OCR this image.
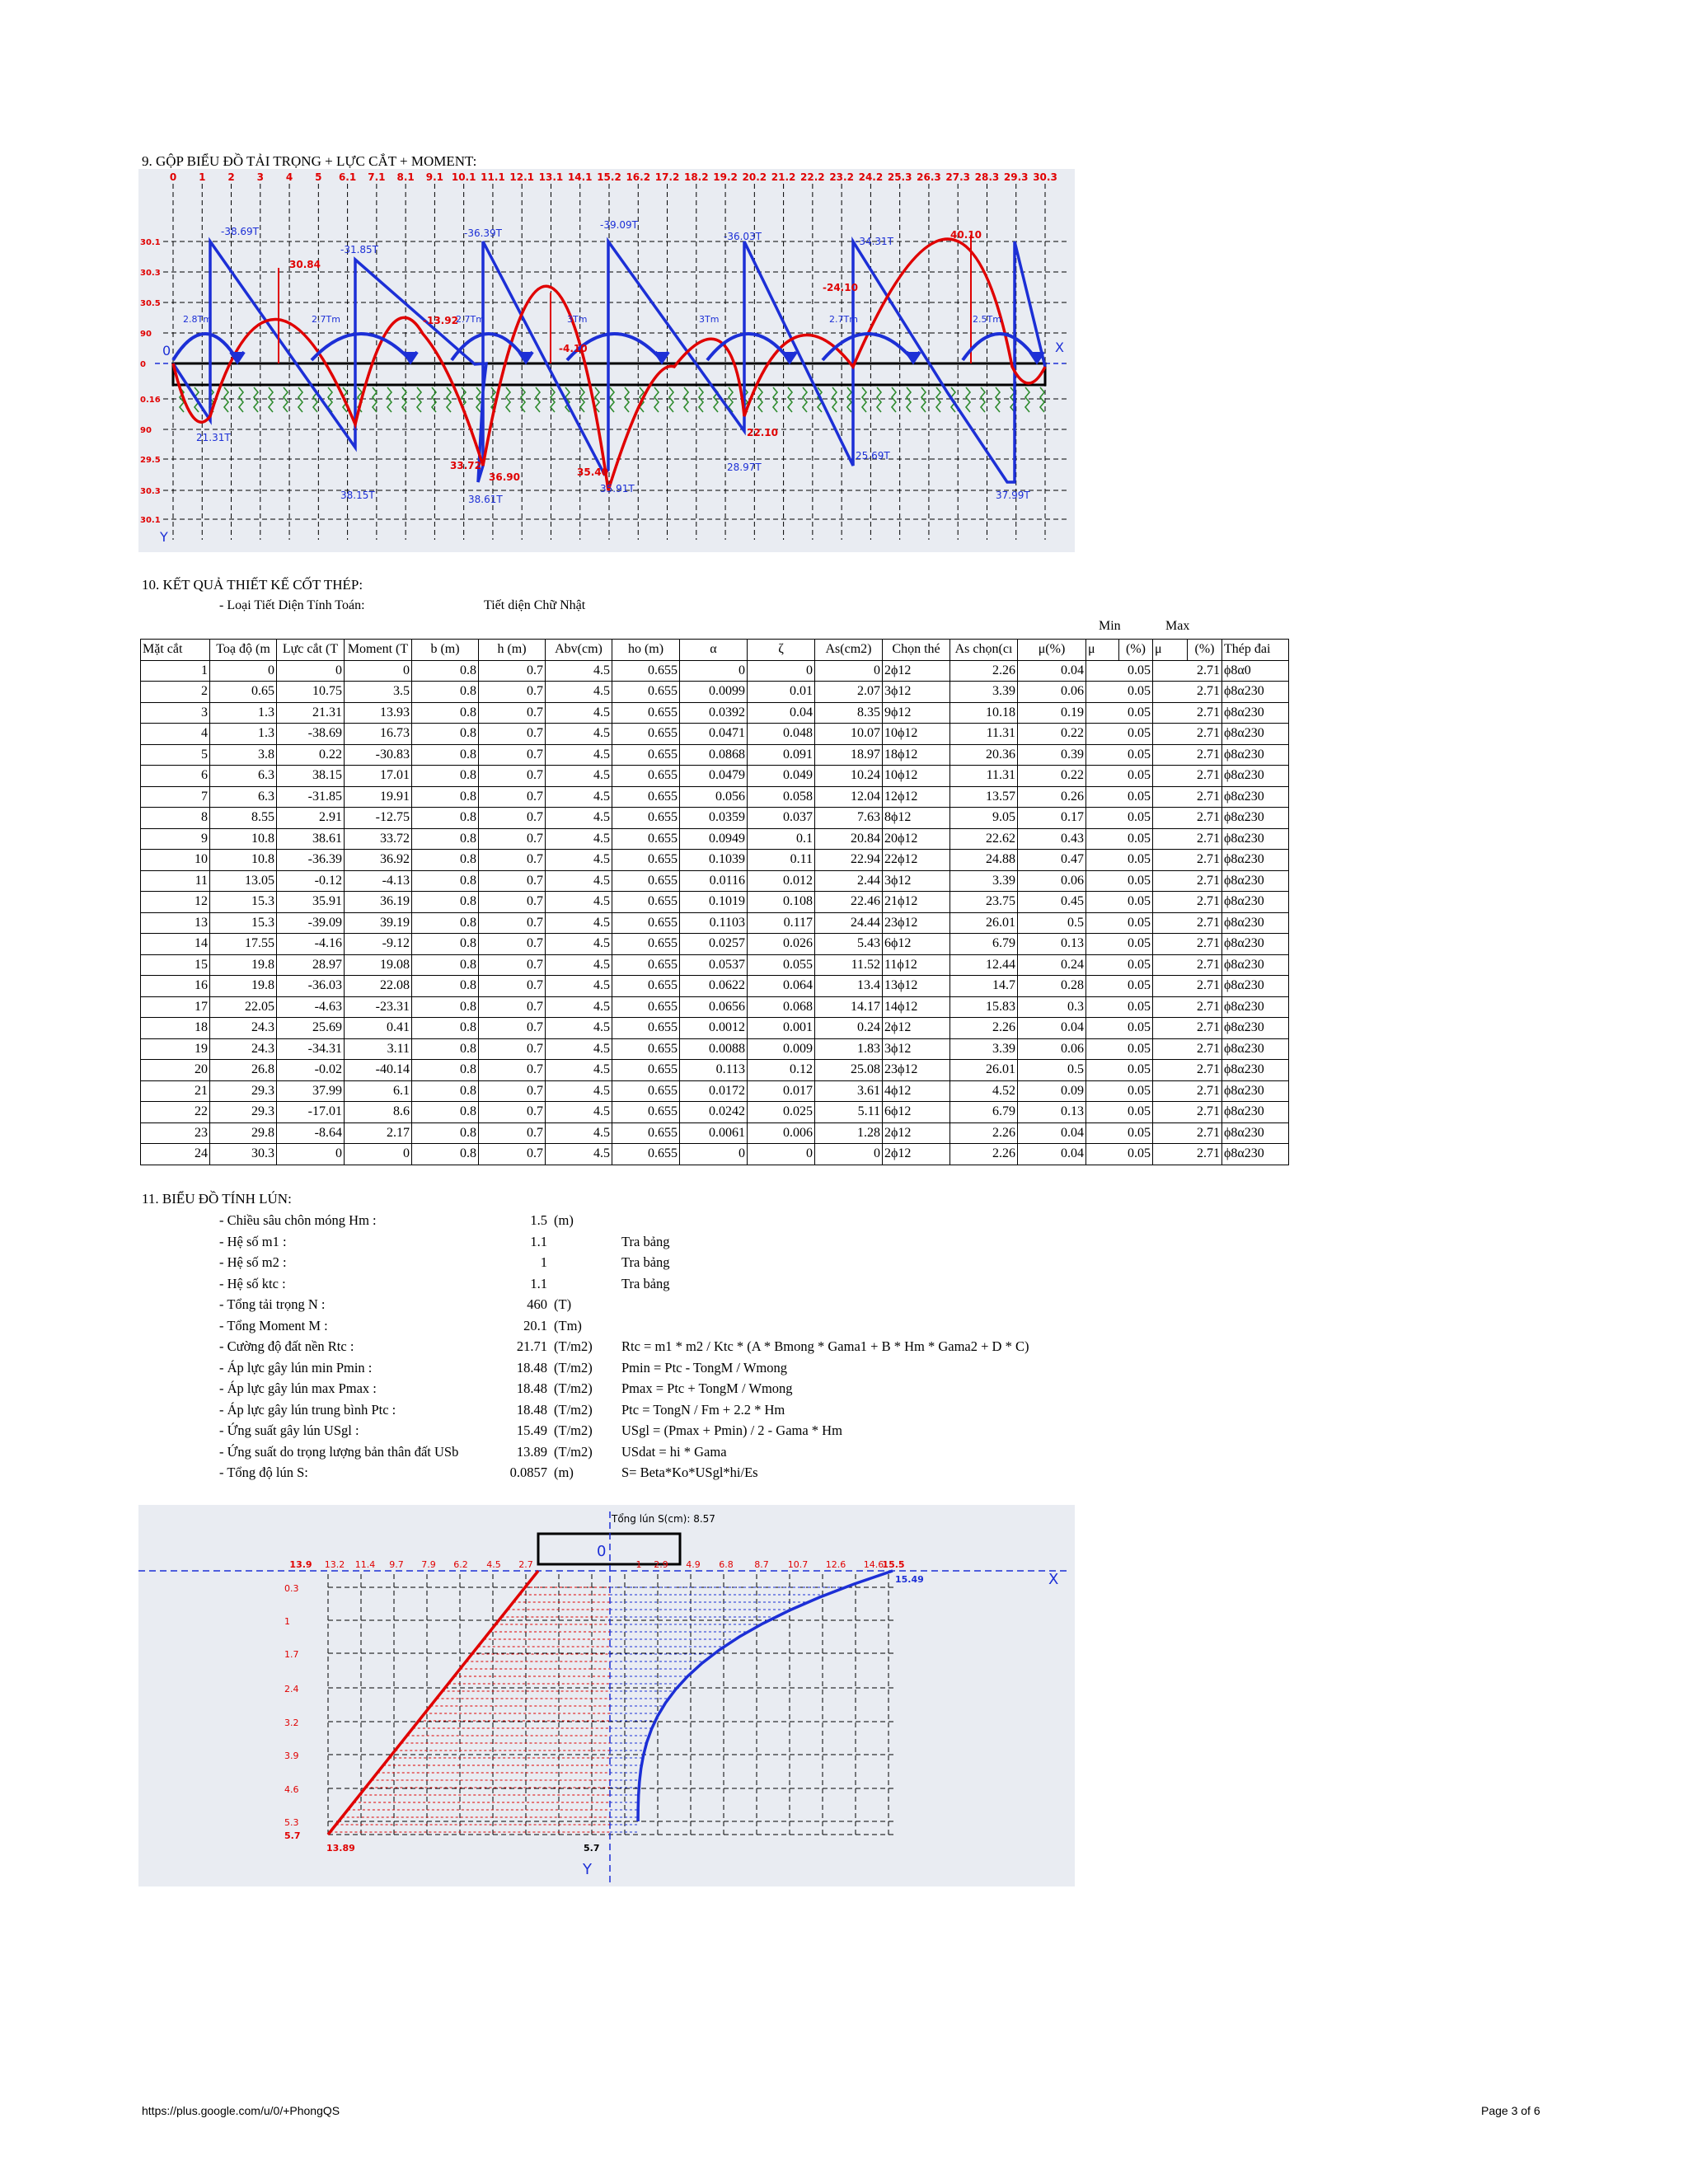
9. GỘP BIỂU ĐỒ TẢI TRỌNG + LỰC CẮT + MOMENT:
0 1 2 3 4 5 6.1 7.1 8.1 9.1 10.1 11.1 12.1 13.1 14.1 15.2 16.2 17.2 18.2 19.2 20.2 21.2 22.2 23.2 24.2 25.3 26.3 27.3 28.3 29.3 30.3
30.1
30.3
30.5
90
0
0.16
90
29.5
30.3
30.1
-38.69T
-31.85T
-36.39T
-39.09T
-36.03T	-34.31T
21.31T
38.15T	38.61T
35.91T
28.97T
25.69T
37.99T
30.84
-13.92
-4.10
-24.10
40.10
33.72
36.90	35.40
22.10
2.8Tm	2.7Tm	2.7Tm	3Tm	3Tm	2.7Tm	2.5Tm
X
Y
0
10. KẾT QUẢ THIẾT KẾ CỐT THÉP:
- Loại Tiết Diện Tính Toán:	Tiết diện Chữ Nhật
Min	Max
Mặt cắt	Toạ độ (m	Lực cắt (T	Moment (T	b (m)	h (m)	Abv(cm)	ho (m)	α	ζ	As(cm2)	Chọn thé	As chọn(cı	μ(%)	μ	(%)	μ	(%)	Thép đai
1	0	0	0	0.8	0.7	4.5	0.655	0	0	0	2ϕ12	2.26	0.04	0.05		2.71		ϕ8α0
2	0.65	10.75	3.5	0.8	0.7	4.5	0.655	0.0099	0.01	2.07	3ϕ12	3.39	0.06	0.05		2.71		ϕ8α230
3	1.3	21.31	13.93	0.8	0.7	4.5	0.655	0.0392	0.04	8.35	9ϕ12	10.18	0.19	0.05		2.71		ϕ8α230
4	1.3	-38.69	16.73	0.8	0.7	4.5	0.655	0.0471	0.048	10.07	10ϕ12	11.31	0.22	0.05		2.71		ϕ8α230
5	3.8	0.22	-30.83	0.8	0.7	4.5	0.655	0.0868	0.091	18.97	18ϕ12	20.36	0.39	0.05		2.71		ϕ8α230
6	6.3	38.15	17.01	0.8	0.7	4.5	0.655	0.0479	0.049	10.24	10ϕ12	11.31	0.22	0.05		2.71		ϕ8α230
7	6.3	-31.85	19.91	0.8	0.7	4.5	0.655	0.056	0.058	12.04	12ϕ12	13.57	0.26	0.05		2.71		ϕ8α230
8	8.55	2.91	-12.75	0.8	0.7	4.5	0.655	0.0359	0.037	7.63	8ϕ12	9.05	0.17	0.05		2.71		ϕ8α230
9	10.8	38.61	33.72	0.8	0.7	4.5	0.655	0.0949	0.1	20.84	20ϕ12	22.62	0.43	0.05		2.71		ϕ8α230
10	10.8	-36.39	36.92	0.8	0.7	4.5	0.655	0.1039	0.11	22.94	22ϕ12	24.88	0.47	0.05		2.71		ϕ8α230
11	13.05	-0.12	-4.13	0.8	0.7	4.5	0.655	0.0116	0.012	2.44	3ϕ12	3.39	0.06	0.05		2.71		ϕ8α230
12	15.3	35.91	36.19	0.8	0.7	4.5	0.655	0.1019	0.108	22.46	21ϕ12	23.75	0.45	0.05		2.71		ϕ8α230
13	15.3	-39.09	39.19	0.8	0.7	4.5	0.655	0.1103	0.117	24.44	23ϕ12	26.01	0.5	0.05		2.71		ϕ8α230
14	17.55	-4.16	-9.12	0.8	0.7	4.5	0.655	0.0257	0.026	5.43	6ϕ12	6.79	0.13	0.05		2.71		ϕ8α230
15	19.8	28.97	19.08	0.8	0.7	4.5	0.655	0.0537	0.055	11.52	11ϕ12	12.44	0.24	0.05		2.71		ϕ8α230
16	19.8	-36.03	22.08	0.8	0.7	4.5	0.655	0.0622	0.064	13.4	13ϕ12	14.7	0.28	0.05		2.71		ϕ8α230
17	22.05	-4.63	-23.31	0.8	0.7	4.5	0.655	0.0656	0.068	14.17	14ϕ12	15.83	0.3	0.05		2.71		ϕ8α230
18	24.3	25.69	0.41	0.8	0.7	4.5	0.655	0.0012	0.001	0.24	2ϕ12	2.26	0.04	0.05		2.71		ϕ8α230
19	24.3	-34.31	3.11	0.8	0.7	4.5	0.655	0.0088	0.009	1.83	3ϕ12	3.39	0.06	0.05		2.71		ϕ8α230
20	26.8	-0.02	-40.14	0.8	0.7	4.5	0.655	0.113	0.12	25.08	23ϕ12	26.01	0.5	0.05		2.71		ϕ8α230
21	29.3	37.99	6.1	0.8	0.7	4.5	0.655	0.0172	0.017	3.61	4ϕ12	4.52	0.09	0.05		2.71		ϕ8α230
22	29.3	-17.01	8.6	0.8	0.7	4.5	0.655	0.0242	0.025	5.11	6ϕ12	6.79	0.13	0.05		2.71		ϕ8α230
23	29.8	-8.64	2.17	0.8	0.7	4.5	0.655	0.0061	0.006	1.28	2ϕ12	2.26	0.04	0.05		2.71		ϕ8α230
24	30.3	0	0	0.8	0.7	4.5	0.655	0	0	0	2ϕ12	2.26	0.04	0.05		2.71		ϕ8α230
11. BIỂU ĐỒ TÍNH LÚN:
- Chiều sâu chôn móng Hm :	1.5 (m)
- Hệ số m1 :	1.1	Tra bảng
- Hệ số m2 :	1	Tra bảng
- Hệ số ktc :	1.1	Tra bảng
- Tổng tải trọng N :	460 (T)
- Tổng Moment M :	20.1 (Tm)
- Cường độ đất nền Rtc :	21.71 (T/m2) Rtc = m1 * m2 / Ktc * (A * Bmong * Gama1 + B * Hm * Gama2 + D * C)
- Áp lực gây lún min Pmin :	18.48 (T/m2) Pmin = Ptc - TongM / Wmong
- Áp lực gây lún max Pmax :	18.48 (T/m2) Pmax = Ptc + TongM / Wmong
- Áp lực gây lún trung bình Ptc :	18.48 (T/m2) Ptc = TongN / Fm + 2.2 * Hm
- Ứng suất gây lún USgl :	15.49 (T/m2) USgl = (Pmax + Pmin) / 2 - Gama * Hm
- Ứng suất do trọng lượng bản thân đất USb	13.89 (T/m2) USdat = hi * Gama
- Tổng độ lún S:	0.0857 (m)	S= Beta*Ko*USgl*hi/Es
0.3
1
1.7
2.4
3.2
3.9
4.6
5.3
5.7
13.9 13.2 11.4 9.7 7.9 6.2 4.5 2.7	1 2.9 4.9 6.8 8.7 10.7 12.6 14.6
15.5
15.49
13.89	5.7
Tổng lún S(cm): 8.57
0
X
Y
https://plus.google.com/u/0/+PhongQS	Page 3 of 6
